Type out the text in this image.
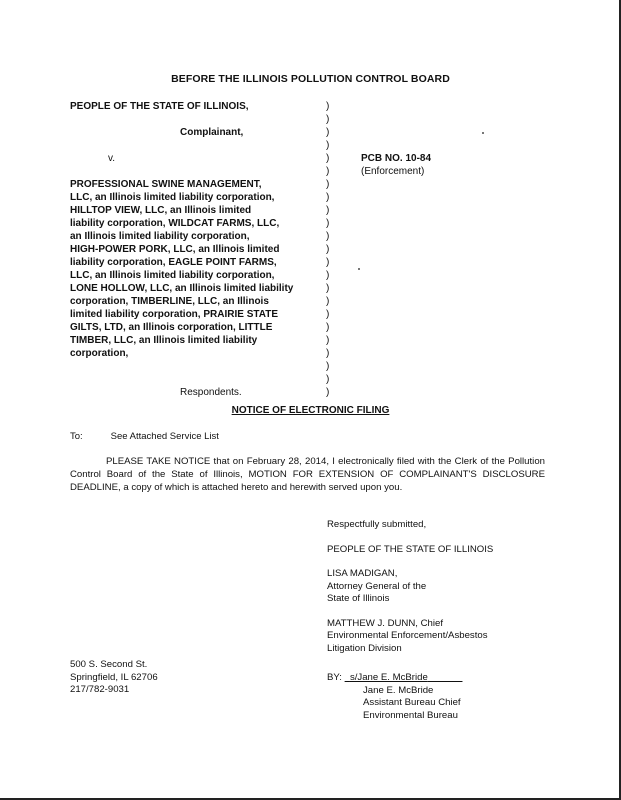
BEFORE THE ILLINOIS POLLUTION CONTROL BOARD
PEOPLE OF THE STATE OF ILLINOIS,

Complainant,

v.

PROFESSIONAL SWINE MANAGEMENT,
LLC, an Illinois limited liability corporation,
HILLTOP VIEW, LLC, an Illinois limited
liability corporation, WILDCAT FARMS, LLC,
an Illinois limited liability corporation,
HIGH-POWER PORK, LLC, an Illinois limited
liability corporation, EAGLE POINT FARMS,
LLC, an Illinois limited liability corporation,
LONE HOLLOW, LLC, an Illinois limited liability
corporation, TIMBERLINE, LLC, an Illinois
limited liability corporation, PRAIRIE STATE
GILTS, LTD, an Illinois corporation, LITTLE
TIMBER, LLC, an Illinois limited liability
corporation,

Respondents.
)
)
)
)
)
)
)
)
)
)
)
)
)
)
)
)
)
)
)
)
)
)
)
PCB NO. 10-84
(Enforcement)
NOTICE OF ELECTRONIC FILING
To:	See Attached Service List
PLEASE TAKE NOTICE that on February 28, 2014, I electronically filed with the Clerk of the Pollution Control Board of the State of Illinois, MOTION FOR EXTENSION OF COMPLAINANT'S DISCLOSURE DEADLINE, a copy of which is attached hereto and herewith served upon you.
Respectfully submitted,
PEOPLE OF THE STATE OF ILLINOIS
LISA MADIGAN,
Attorney General of the
State of Illinois
MATTHEW J. DUNN, Chief
Environmental Enforcement/Asbestos
Litigation Division
500 S. Second St.
Springfield, IL 62706
217/782-9031
BY: s/Jane E. McBride
Jane E. McBride
Assistant Bureau Chief
Environmental Bureau
